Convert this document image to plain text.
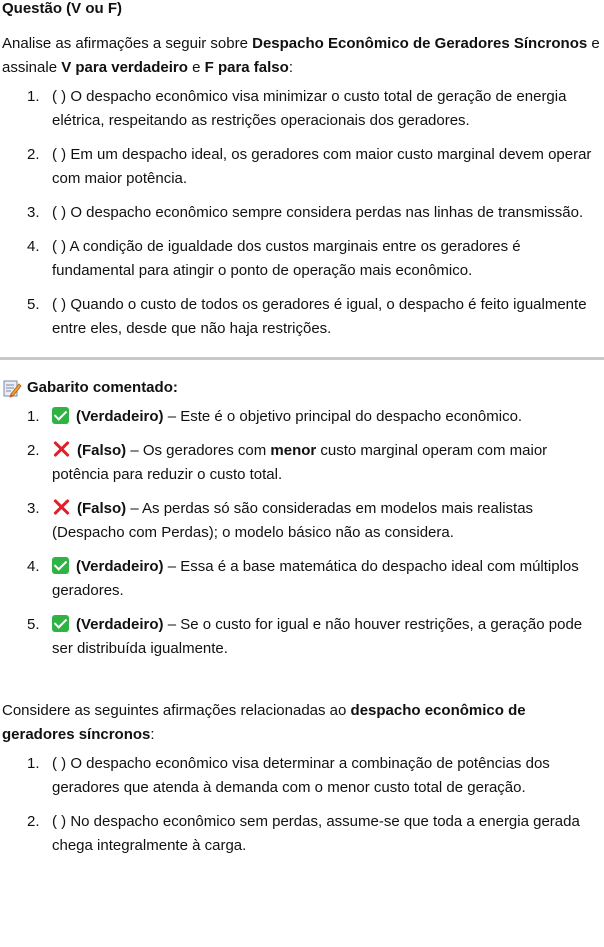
Questão (V ou F)

Analise as afirmações a seguir sobre Despacho Econômico de Geradores Síncronos e assinale V para verdadeiro e F para falso:

1. ( ) O despacho econômico visa minimizar o custo total de geração de energia elétrica, respeitando as restrições operacionais dos geradores.
2. ( ) Em um despacho ideal, os geradores com maior custo marginal devem operar com maior potência.
3. ( ) O despacho econômico sempre considera perdas nas linhas de transmissão.
4. ( ) A condição de igualdade dos custos marginais entre os geradores é fundamental para atingir o ponto de operação mais econômico.
5. ( ) Quando o custo de todos os geradores é igual, o despacho é feito igualmente entre eles, desde que não haja restrições.

Gabarito comentado:

1. (Verdadeiro) – Este é o objetivo principal do despacho econômico.
2. (Falso) – Os geradores com menor custo marginal operam com maior potência para reduzir o custo total.
3. (Falso) – As perdas só são consideradas em modelos mais realistas (Despacho com Perdas); o modelo básico não as considera.
4. (Verdadeiro) – Essa é a base matemática do despacho ideal com múltiplos geradores.
5. (Verdadeiro) – Se o custo for igual e não houver restrições, a geração pode ser distribuída igualmente.

Considere as seguintes afirmações relacionadas ao despacho econômico de geradores síncronos:

1. ( ) O despacho econômico visa determinar a combinação de potências dos geradores que atenda à demanda com o menor custo total de geração.
2. ( ) No despacho econômico sem perdas, assume-se que toda a energia gerada chega integralmente à carga.
